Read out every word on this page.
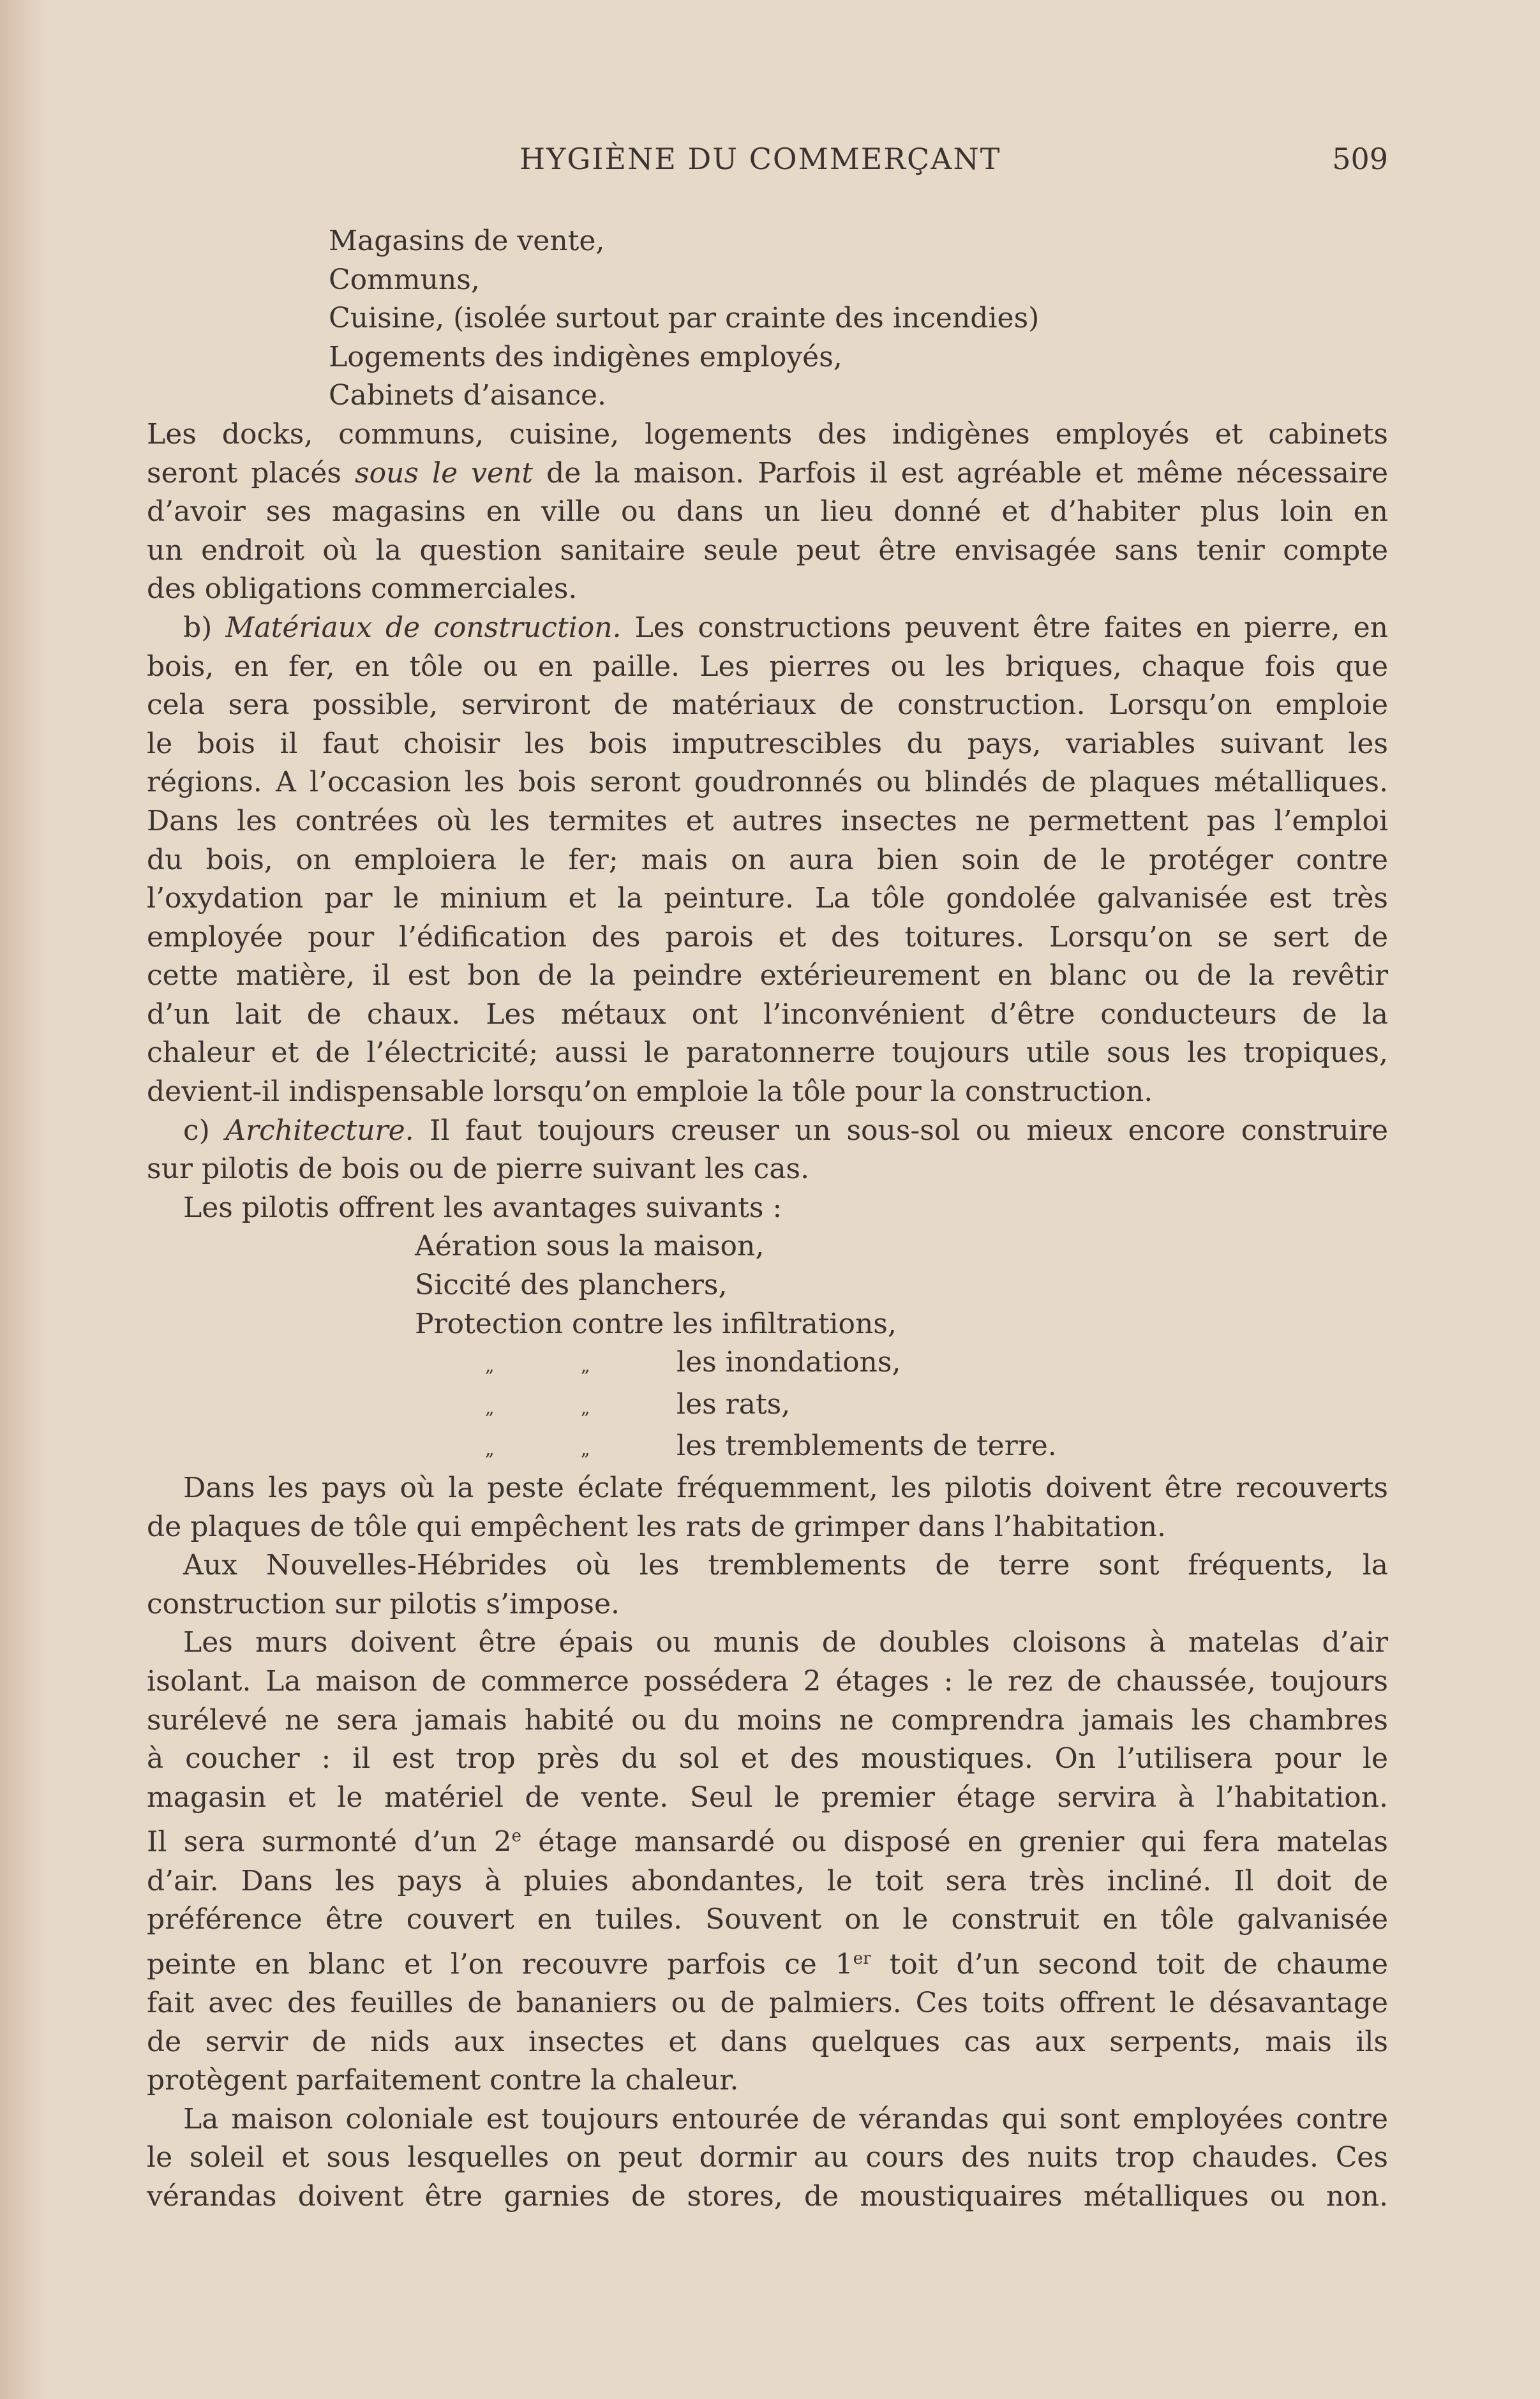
HYGIÈNE DU COMMERÇANT	509
Magasins de vente,
Communs,
Cuisine, (isolée surtout par crainte des incendies)
Logements des indigènes employés,
Cabinets d’aisance.
Les docks, communs, cuisine, logements des indigènes employés et cabinets
seront placés sous le vent de la maison. Parfois il est agréable et même nécessaire
d’avoir ses magasins en ville ou dans un lieu donné et d’habiter plus loin en
un endroit où la question sanitaire seule peut être envisagée sans tenir compte
des obligations commerciales.
b) Matériaux de construction. Les constructions peuvent être faites en pierre, en
bois, en fer, en tôle ou en paille. Les pierres ou les briques, chaque fois que
cela sera possible, serviront de matériaux de construction. Lorsqu’on emploie
le bois il faut choisir les bois imputrescibles du pays, variables suivant les
régions. A l’occasion les bois seront goudronnés ou blindés de plaques métalliques.
Dans les contrées où les termites et autres insectes ne permettent pas l’emploi
du bois, on emploiera le fer; mais on aura bien soin de le protéger contre
l’oxydation par le minium et la peinture. La tôle gondolée galvanisée est très
employée pour l’édification des parois et des toitures. Lorsqu’on se sert de
cette matière, il est bon de la peindre extérieurement en blanc ou de la revêtir
d’un lait de chaux. Les métaux ont l’inconvénient d’être conducteurs de la
chaleur et de l’électricité; aussi le paratonnerre toujours utile sous les tropiques,
devient-il indispensable lorsqu’on emploie la tôle pour la construction.
c) Architecture. Il faut toujours creuser un sous-sol ou mieux encore construire
sur pilotis de bois ou de pierre suivant les cas.
Les pilotis offrent les avantages suivants :
Aération sous la maison,
Siccité des planchers,
Protection contre les infiltrations,
„	„	les inondations,
„	„	les rats,
„	„	les tremblements de terre.
Dans les pays où la peste éclate fréquemment, les pilotis doivent être recouverts
de plaques de tôle qui empêchent les rats de grimper dans l’habitation.
Aux Nouvelles-Hébrides où les tremblements de terre sont fréquents, la
construction sur pilotis s’impose.
Les murs doivent être épais ou munis de doubles cloisons à matelas d’air
isolant. La maison de commerce possédera 2 étages : le rez de chaussée, toujours
surélevé ne sera jamais habité ou du moins ne comprendra jamais les chambres
à coucher : il est trop près du sol et des moustiques. On l’utilisera pour le
magasin et le matériel de vente. Seul le premier étage servira à l’habitation.
Il sera surmonté d’un 2e étage mansardé ou disposé en grenier qui fera matelas
d’air. Dans les pays à pluies abondantes, le toit sera très incliné. Il doit de
préférence être couvert en tuiles. Souvent on le construit en tôle galvanisée
peinte en blanc et l’on recouvre parfois ce 1er toit d’un second toit de chaume
fait avec des feuilles de bananiers ou de palmiers. Ces toits offrent le désavantage
de servir de nids aux insectes et dans quelques cas aux serpents, mais ils
protègent parfaitement contre la chaleur.
La maison coloniale est toujours entourée de vérandas qui sont employées contre
le soleil et sous lesquelles on peut dormir au cours des nuits trop chaudes. Ces
vérandas doivent être garnies de stores, de moustiquaires métalliques ou non.
